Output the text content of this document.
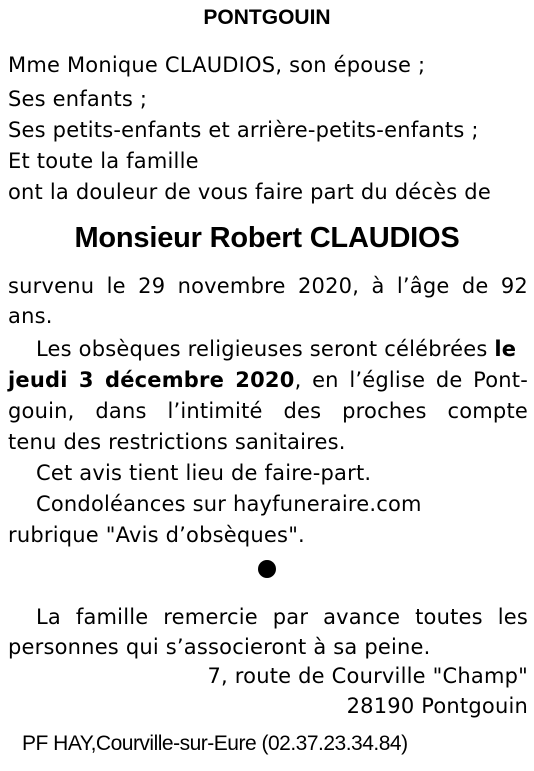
PONTGOUIN
Mme Monique CLAUDIOS, son épouse ;
Ses enfants ;
Ses petits-enfants et arrière-petits-enfants ;
Et toute la famille
ont la douleur de vous faire part du décès de
Monsieur Robert CLAUDIOS
survenu le 29 novembre 2020, à l’âge de 92
ans.
Les obsèques religieuses seront célébrées le
jeudi 3 décembre 2020, en l’église de Pont-
gouin, dans l’intimité des proches compte
tenu des restrictions sanitaires.
Cet avis tient lieu de faire-part.
Condoléances sur hayfuneraire.com
rubrique "Avis d’obsèques".
La famille remercie par avance toutes les
personnes qui s’associeront à sa peine.
7, route de Courville "Champ"
28190 Pontgouin
PF HAY,Courville-sur-Eure (02.37.23.34.84)
